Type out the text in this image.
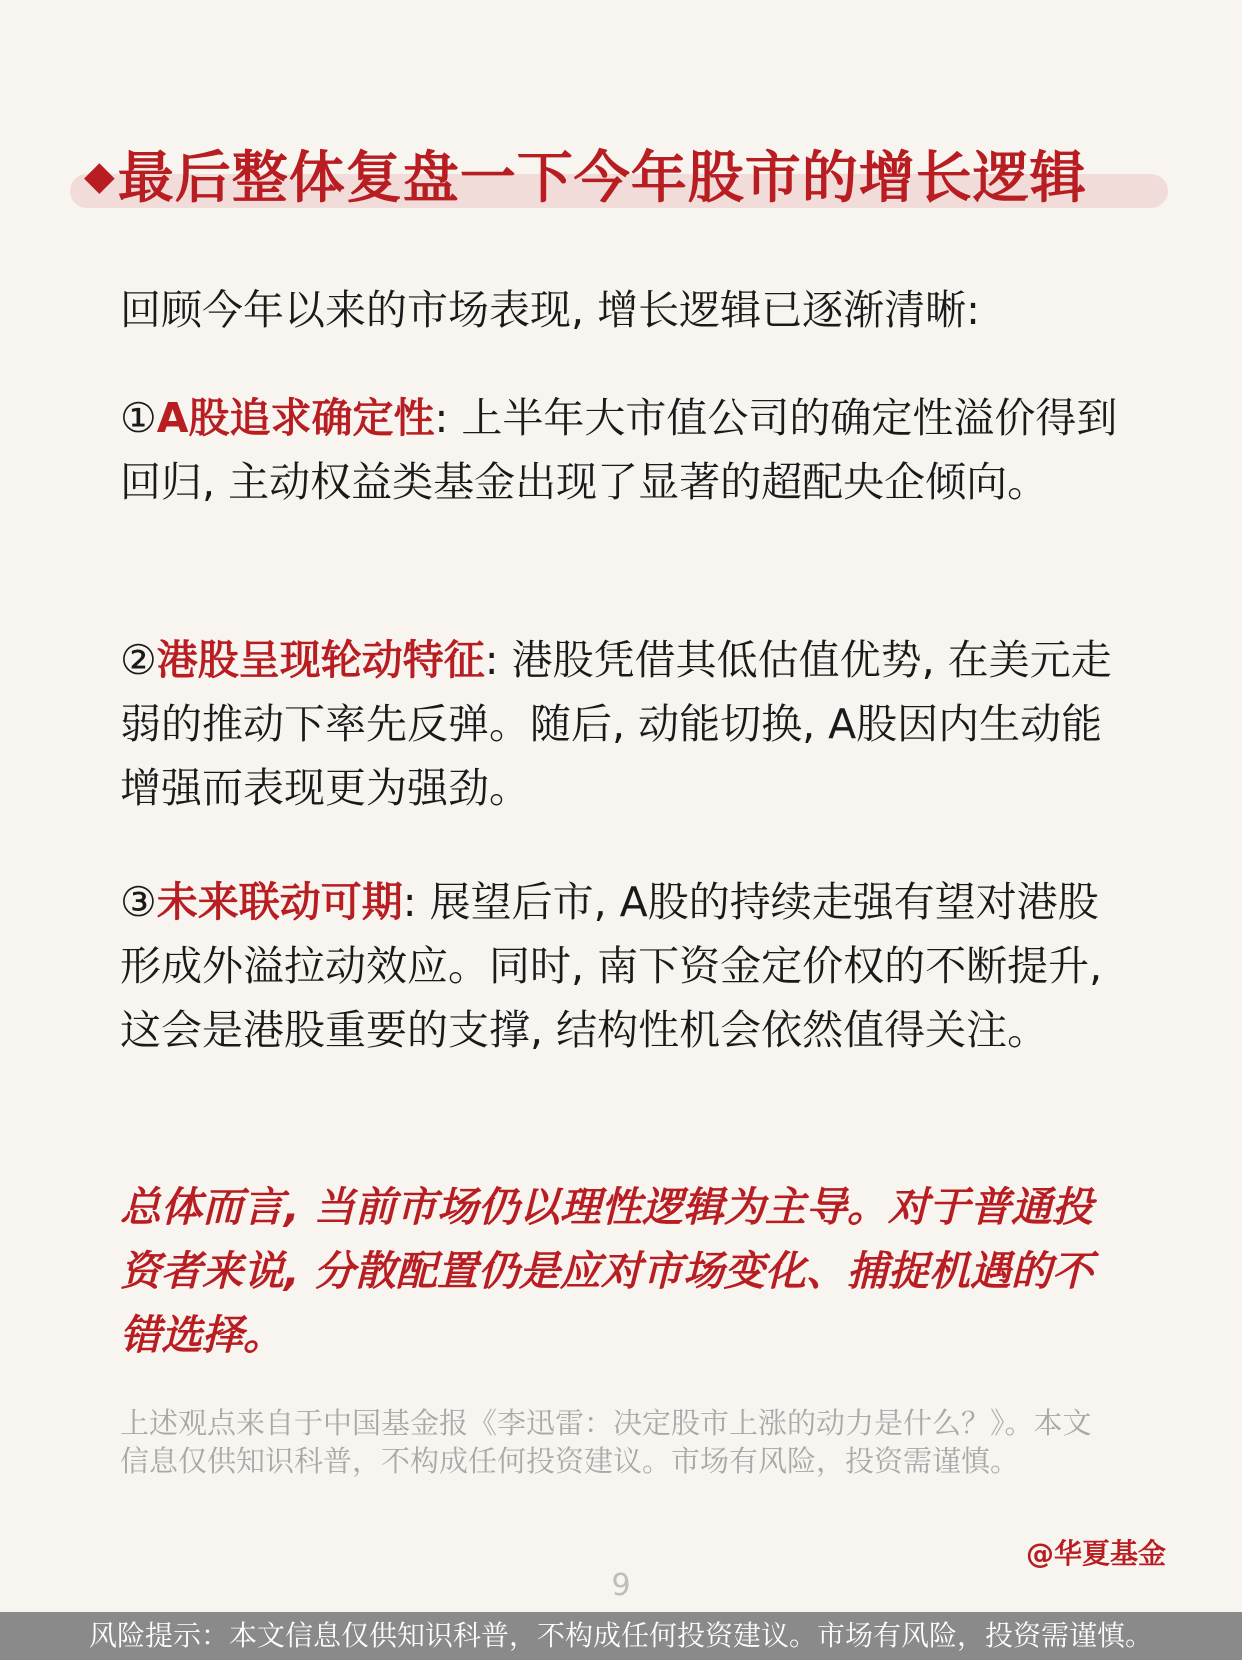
◆最后整体复盘一下今年股市的增长逻辑

回顾今年以来的市场表现, 增长逻辑已逐渐清晰:

①A股追求确定性: 上半年大市值公司的确定性溢价得到回归, 主动权益类基金出现了显著的超配央企倾向。

②港股呈现轮动特征: 港股凭借其低估值优势, 在美元走弱的推动下率先反弹。随后, 动能切换, A股因内生动能增强而表现更为强劲。

③未来联动可期: 展望后市, A股的持续走强有望对港股形成外溢拉动效应。同时, 南下资金定价权的不断提升, 这会是港股重要的支撑, 结构性机会依然值得关注。

总体而言, 当前市场仍以理性逻辑为主导。对于普通投资者来说, 分散配置仍是应对市场变化、捕捉机遇的不错选择。

上述观点来自于中国基金报《李迅雷：决定股市上涨的动力是什么？》。本文信息仅供知识科普，不构成任何投资建议。市场有风险，投资需谨慎。

@华夏基金
9
风险提示：本文信息仅供知识科普，不构成任何投资建议。市场有风险，投资需谨慎。
